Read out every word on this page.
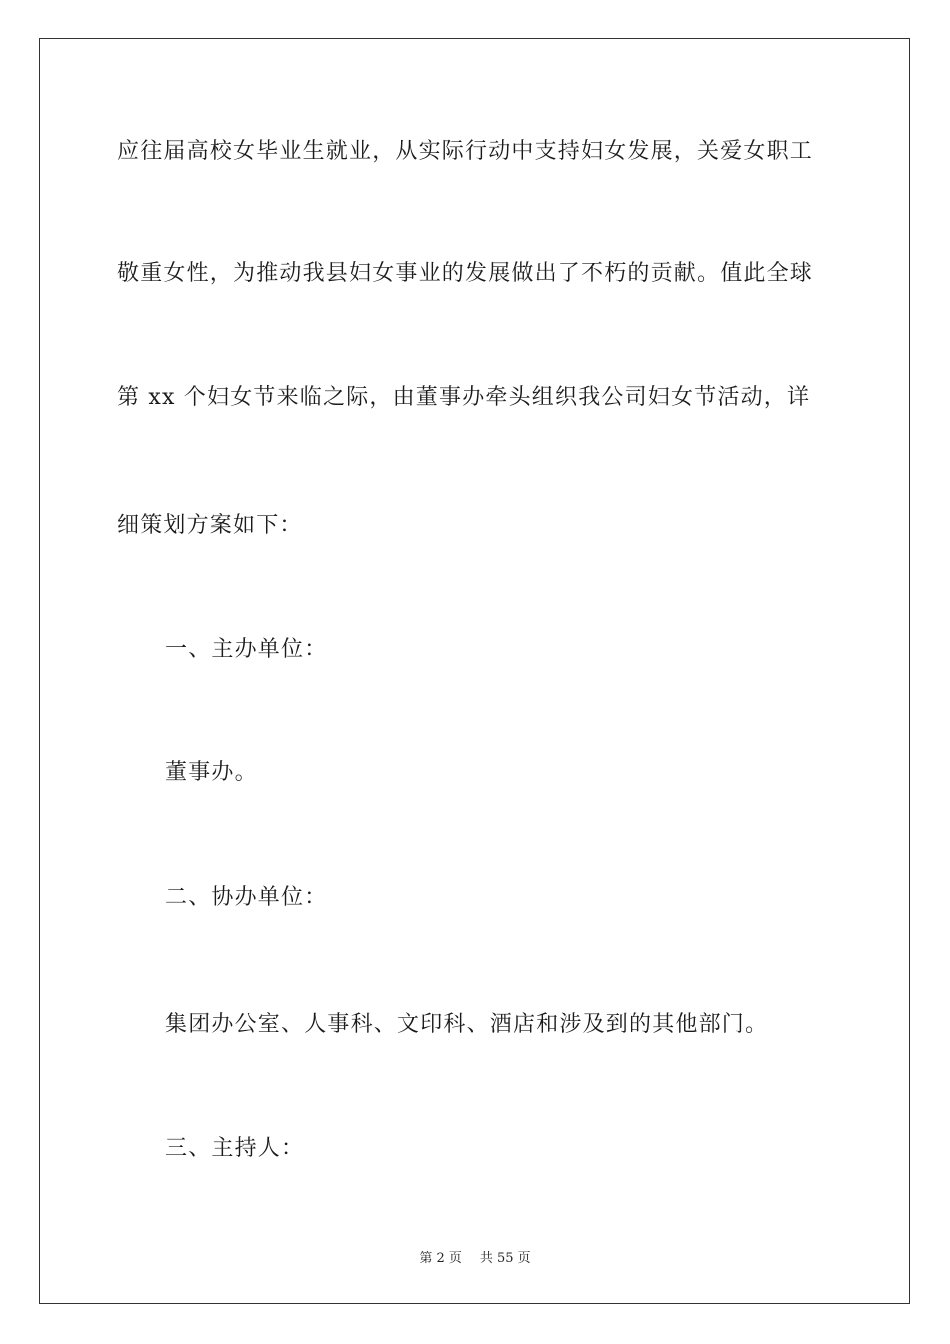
应往届高校女毕业生就业，从实际行动中支持妇女发展，关爱女职工
敬重女性，为推动我县妇女事业的发展做出了不朽的贡献。值此全球
第 xx 个妇女节来临之际，由董事办牵头组织我公司妇女节活动，详
细策划方案如下：
一、主办单位：
董事办。
二、协办单位：
集团办公室、人事科、文印科、酒店和涉及到的其他部门。
三、主持人：
第 2 页 共 55 页
